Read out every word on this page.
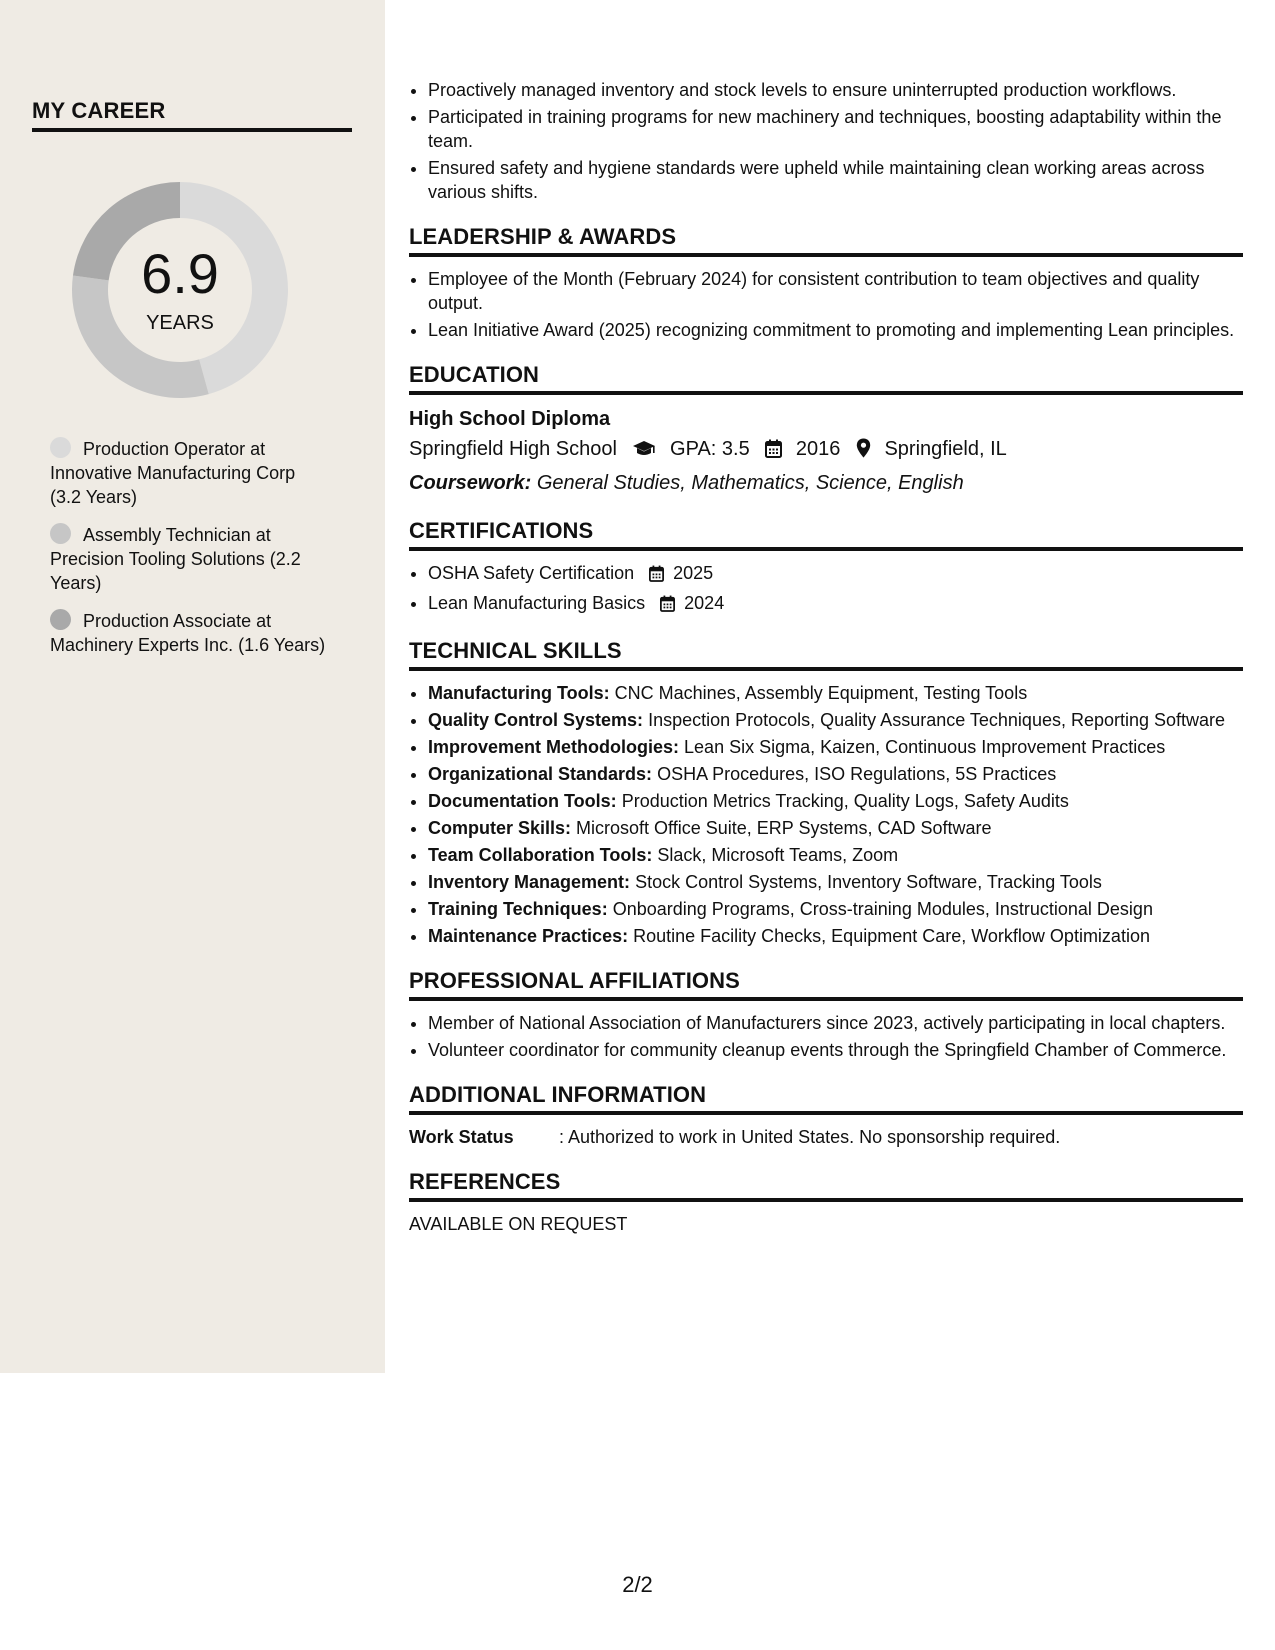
MY CAREER
6.9
YEARS
Production Operator at Innovative Manufacturing Corp (3.2 Years)
Assembly Technician at Precision Tooling Solutions (2.2 Years)
Production Associate at Machinery Experts Inc. (1.6 Years)
• Proactively managed inventory and stock levels to ensure uninterrupted production workflows.
• Participated in training programs for new machinery and techniques, boosting adaptability within the team.
• Ensured safety and hygiene standards were upheld while maintaining clean working areas across various shifts.
LEADERSHIP & AWARDS
• Employee of the Month (February 2024) for consistent contribution to team objectives and quality output.
• Lean Initiative Award (2025) recognizing commitment to promoting and implementing Lean principles.
EDUCATION
High School Diploma
Springfield High School	GPA: 3.5 2016 Springfield, IL
Coursework: General Studies, Mathematics, Science, English
CERTIFICATIONS
• OSHA Safety Certification 2025
• Lean Manufacturing Basics 2024
TECHNICAL SKILLS
• Manufacturing Tools: CNC Machines, Assembly Equipment, Testing Tools
• Quality Control Systems: Inspection Protocols, Quality Assurance Techniques, Reporting Software
• Improvement Methodologies: Lean Six Sigma, Kaizen, Continuous Improvement Practices
• Organizational Standards: OSHA Procedures, ISO Regulations, 5S Practices
• Documentation Tools: Production Metrics Tracking, Quality Logs, Safety Audits
• Computer Skills: Microsoft Office Suite, ERP Systems, CAD Software
• Team Collaboration Tools: Slack, Microsoft Teams, Zoom
• Inventory Management: Stock Control Systems, Inventory Software, Tracking Tools
• Training Techniques: Onboarding Programs, Cross-training Modules, Instructional Design
• Maintenance Practices: Routine Facility Checks, Equipment Care, Workflow Optimization
PROFESSIONAL AFFILIATIONS
• Member of National Association of Manufacturers since 2023, actively participating in local chapters.
• Volunteer coordinator for community cleanup events through the Springfield Chamber of Commerce.
ADDITIONAL INFORMATION
Work Status	: Authorized to work in United States. No sponsorship required.
REFERENCES
AVAILABLE ON REQUEST
2/2
